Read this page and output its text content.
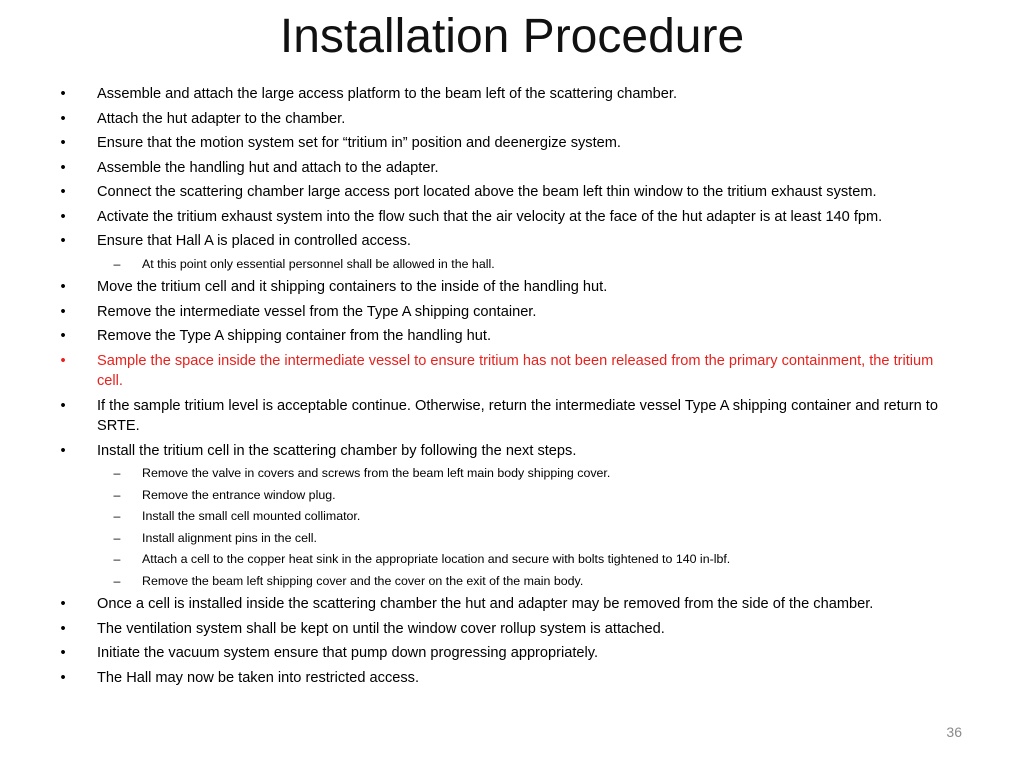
Installation Procedure
• Assemble and attach the large access platform to the beam left of the scattering chamber.
• Attach the hut adapter to the chamber.
• Ensure that the motion system set for “tritium in” position and deenergize system.
• Assemble the handling hut and attach to the adapter.
• Connect the scattering chamber large access port located above the beam left thin window to the tritium exhaust system.
• Activate the tritium exhaust system into the flow such that the air velocity at the face of the hut adapter is at least 140 fpm.
• Ensure that Hall A is placed in controlled access.
– At this point only essential personnel shall be allowed in the hall.
• Move the tritium cell and it shipping containers to the inside of the handling hut.
• Remove the intermediate vessel from the Type A shipping container.
• Remove the Type A shipping container from the handling hut.
• Sample the space inside the intermediate vessel to ensure tritium has not been released from the primary containment, the tritium cell.
• If the sample tritium level is acceptable continue. Otherwise, return the intermediate vessel Type A shipping container and return to SRTE.
• Install the tritium cell in the scattering chamber by following the next steps.
– Remove the valve in covers and screws from the beam left main body shipping cover.
– Remove the entrance window plug.
– Install the small cell mounted collimator.
– Install alignment pins in the cell.
– Attach a cell to the copper heat sink in the appropriate location and secure with bolts tightened to 140 in-lbf.
– Remove the beam left shipping cover and the cover on the exit of the main body.
• Once a cell is installed inside the scattering chamber the hut and adapter may be removed from the side of the chamber.
• The ventilation system shall be kept on until the window cover rollup system is attached.
• Initiate the vacuum system ensure that pump down progressing appropriately.
• The Hall may now be taken into restricted access.
36
